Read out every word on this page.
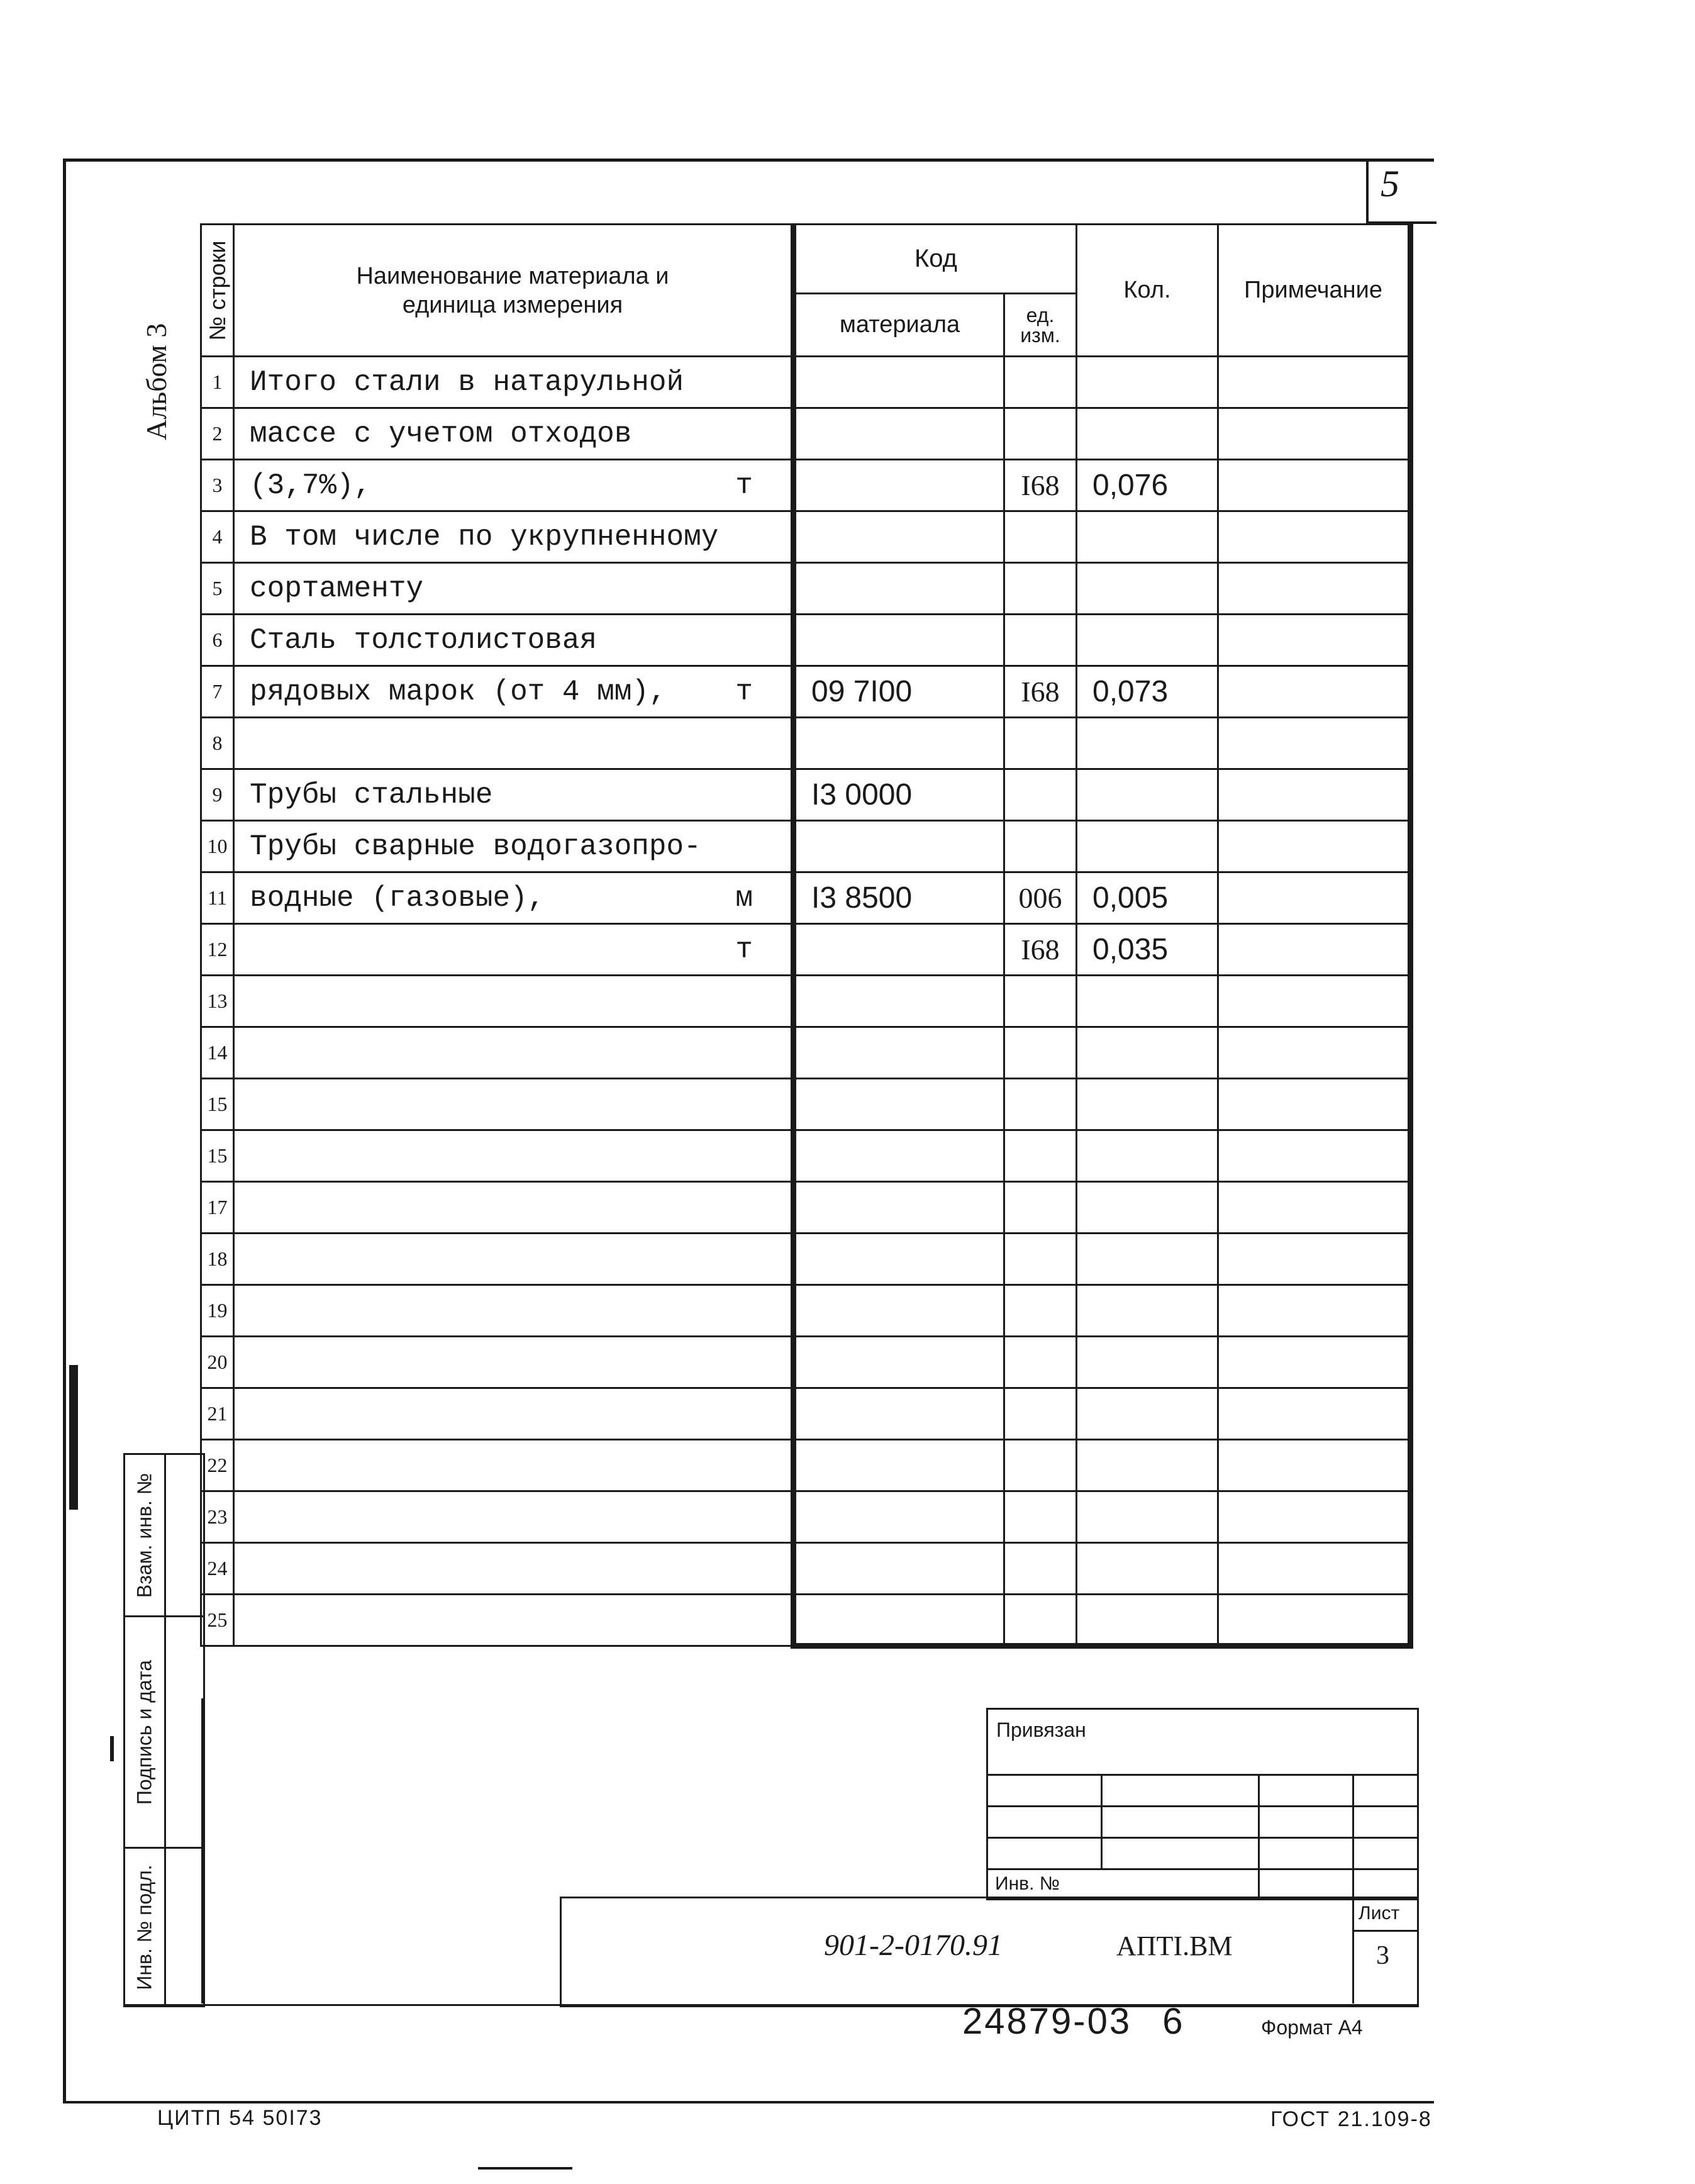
5
Альбом 3
№ строки	Наименование материала и единица измерения	Код		Кол.	Примечание
		материала	ед. изм.		

1	Итого стали в натарульной

2	массе с учетом отходов

3	(3,7%), т		I68	0,076	
4	В том числе по укрупненному

5	сортаменту

6	Сталь толстолистовая

7	рядовых марок (от 4 мм), т	09 7I00	I68	0,073	
8	

9	Трубы стальные	I3 0000			
10	Трубы сварные водогазопро-

11	водные (газовые), м	I3 8500	006	0,005	
12	т		I68	0,035	
13	

14	

15	

15	

17	

18	

19	

20	

21	

22	

23	

24	

25	

Взам. инв. №
Подпись и дата
Инв. № подл.
Привязан
Инв. №
901-2-0170.91	АПТI.ВМ
Лист
3
24879-03 6	Формат А4
ЦИТП 54 50I73	ГОСТ 21.109-8
